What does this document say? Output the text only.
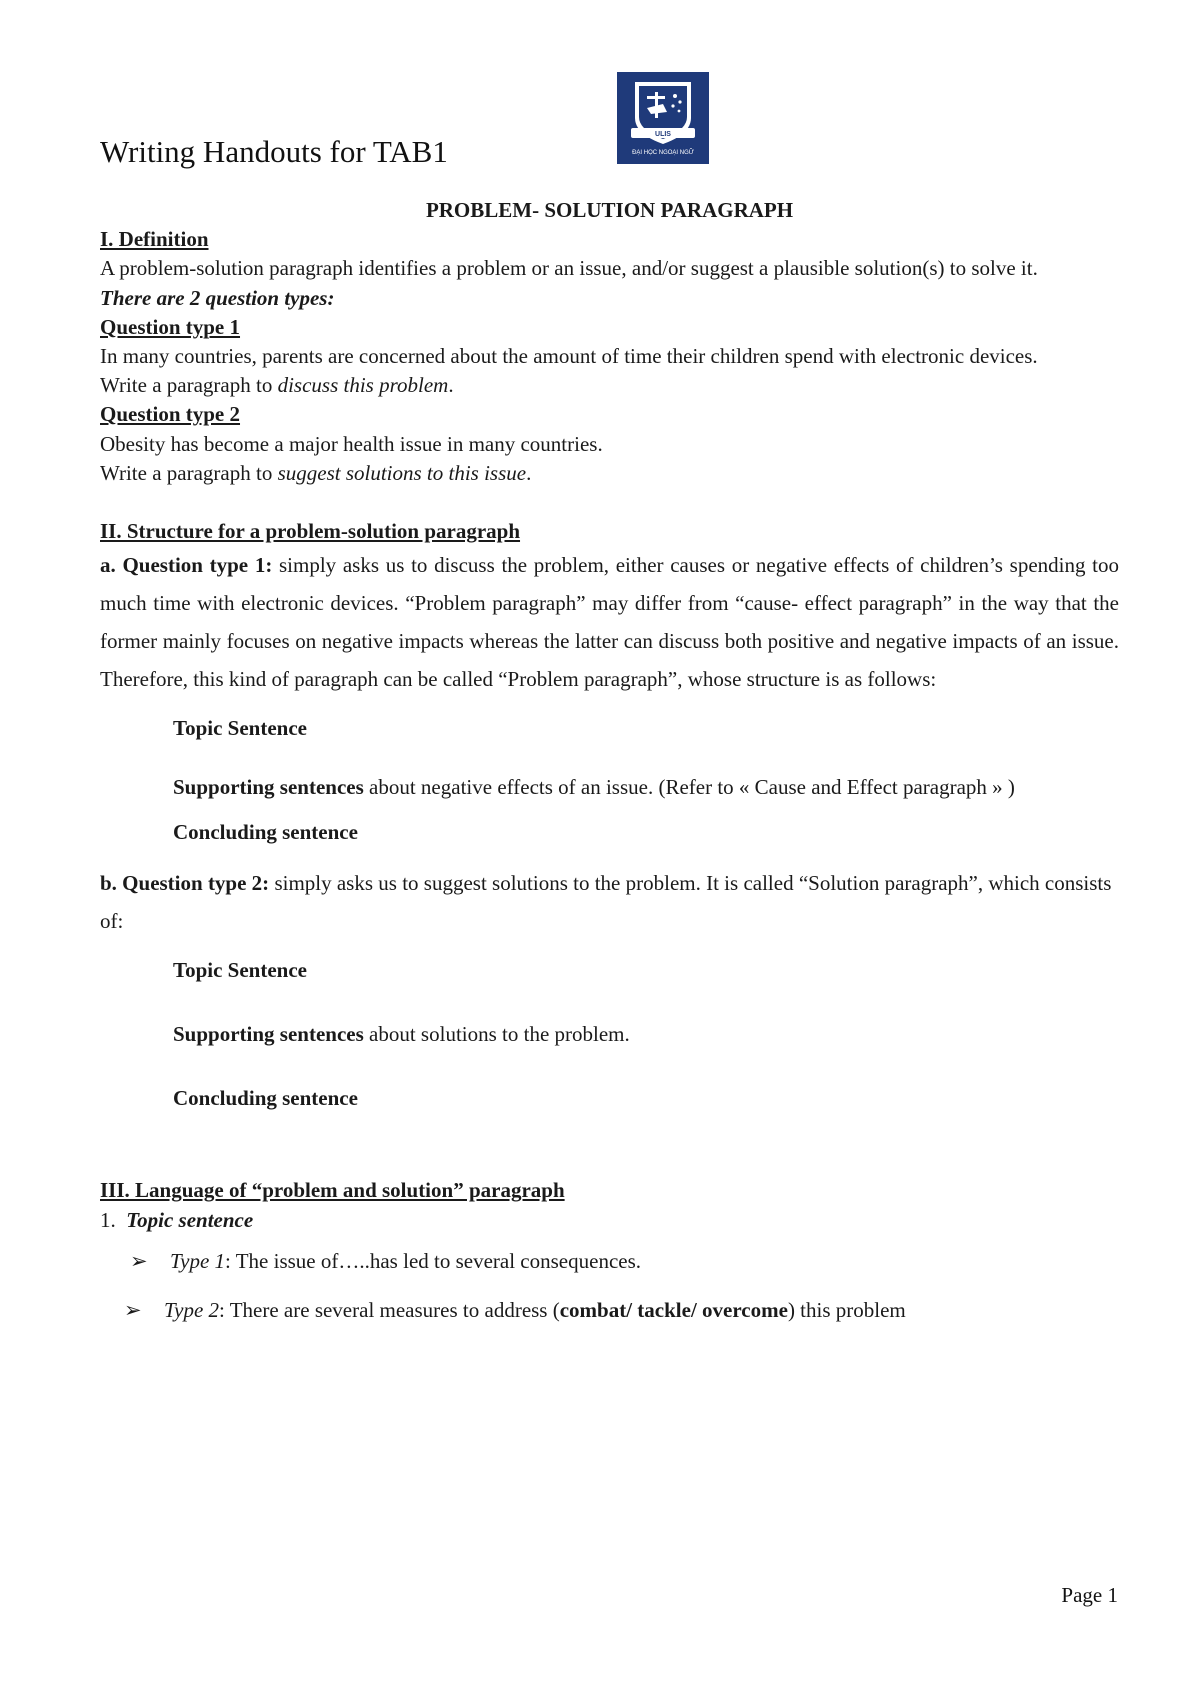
Writing Handouts for TAB1	ULIS
ĐẠI HỌC NGOẠI NGỮ
PROBLEM- SOLUTION PARAGRAPH
I. Definition
A problem-solution paragraph identifies a problem or an issue, and/or suggest a plausible solution(s) to solve it.
There are 2 question types:
Question type 1
In many countries, parents are concerned about the amount of time their children spend with electronic devices.
Write a paragraph to discuss this problem.
Question type 2
Obesity has become a major health issue in many countries.
Write a paragraph to suggest solutions to this issue.
II. Structure for a problem-solution paragraph
a. Question type 1: simply asks us to discuss the problem, either causes or negative effects of children’s spending too much time with electronic devices. “Problem paragraph” may differ from “cause- effect paragraph” in the way that the former mainly focuses on negative impacts whereas the latter can discuss both positive and negative impacts of an issue. Therefore, this kind of paragraph can be called “Problem paragraph”, whose structure is as follows:
Topic Sentence
Supporting sentences about negative effects of an issue. (Refer to « Cause and Effect paragraph » )
Concluding sentence
b. Question type 2: simply asks us to suggest solutions to the problem. It is called “Solution paragraph”, which consists of:
Topic Sentence
Supporting sentences about solutions to the problem.
Concluding sentence
III. Language of “problem and solution” paragraph
1. Topic sentence
➢ Type 1: The issue of…..has led to several consequences.
➢ Type 2: There are several measures to address (combat/ tackle/ overcome) this problem
Page 1
